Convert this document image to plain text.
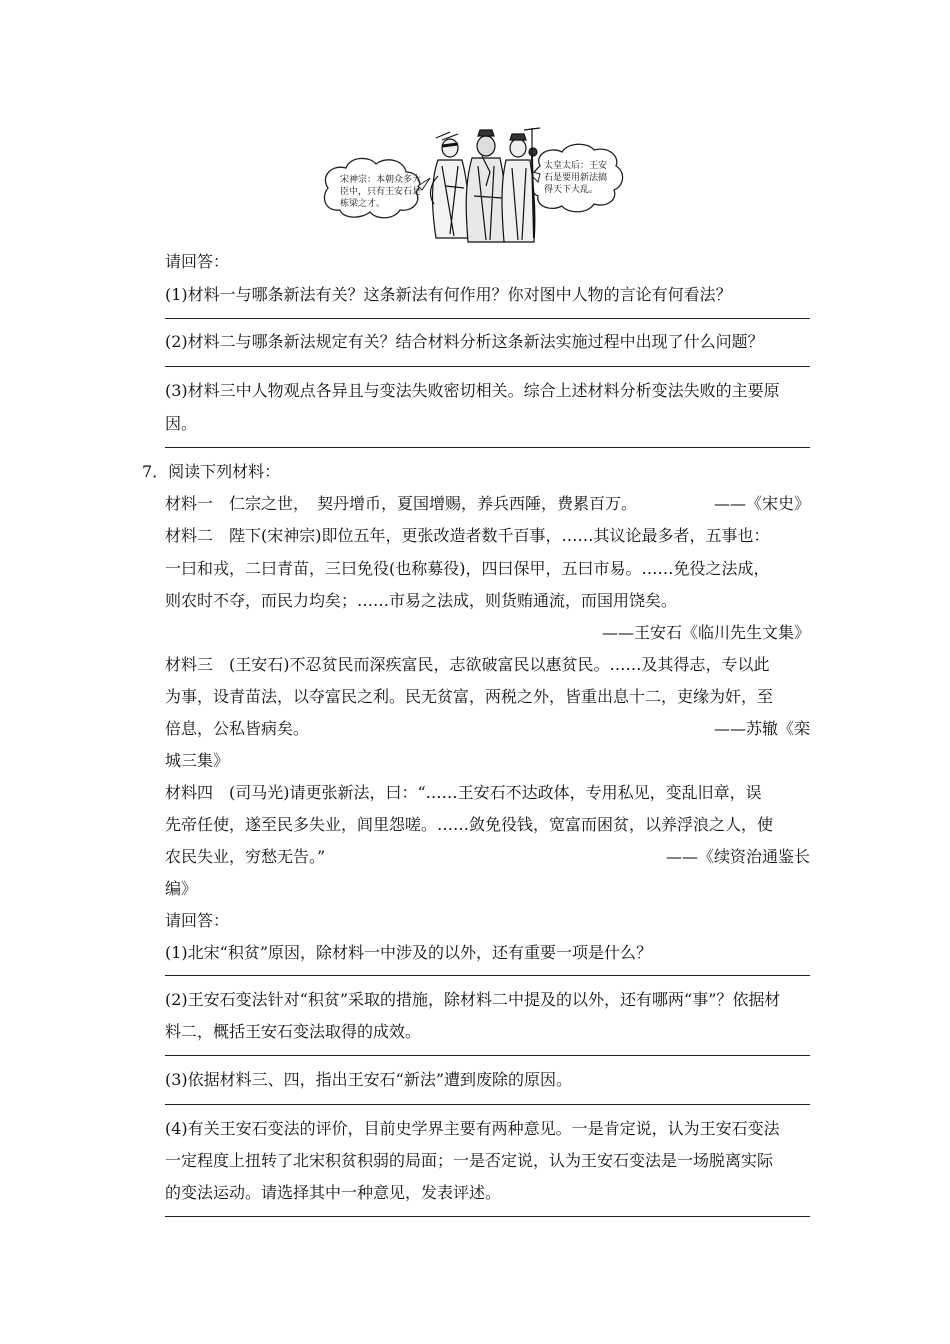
宋神宗：本朝众多大
臣中，只有王安石是
栋梁之才。
太皇太后：王安
石是要用新法搞
得天下大乱。
请回答：
(1)材料一与哪条新法有关？这条新法有何作用？你对图中人物的言论有何看法？
(2)材料二与哪条新法规定有关？结合材料分析这条新法实施过程中出现了什么问题？
(3)材料三中人物观点各异且与变法失败密切相关。综合上述材料分析变法失败的主要原
因。
7．阅读下列材料：
材料一　仁宗之世，　契丹增币，夏国增赐，养兵西陲，费累百万。	——《宋史》
材料二　陛下(宋神宗)即位五年，更张改造者数千百事，……其议论最多者，五事也：
一曰和戎，二曰青苗，三曰免役(也称募役)，四曰保甲，五曰市易。……免役之法成，
则农时不夺，而民力均矣；……市易之法成，则货贿通流，而国用饶矣。
——王安石《临川先生文集》
材料三　(王安石)不忍贫民而深疾富民，志欲破富民以惠贫民。……及其得志，专以此
为事，设青苗法，以夺富民之利。民无贫富，两税之外，皆重出息十二，吏缘为奸，至
倍息，公私皆病矣。	——苏辙《栾
城三集》
材料四　(司马光)请更张新法，曰：“……王安石不达政体，专用私见，变乱旧章，误
先帝任使，遂至民多失业，闾里怨嗟。……敛免役钱，宽富而困贫，以养浮浪之人，使
农民失业，穷愁无告。”	——《续资治通鉴长
编》
请回答：
(1)北宋“积贫”原因，除材料一中涉及的以外，还有重要一项是什么？
(2)王安石变法针对“积贫”采取的措施，除材料二中提及的以外，还有哪两“事”？依据材
料二，概括王安石变法取得的成效。
(3)依据材料三、四，指出王安石“新法”遭到废除的原因。
(4)有关王安石变法的评价，目前史学界主要有两种意见。一是肯定说，认为王安石变法
一定程度上扭转了北宋积贫积弱的局面；一是否定说，认为王安石变法是一场脱离实际
的变法运动。请选择其中一种意见，发表评述。
